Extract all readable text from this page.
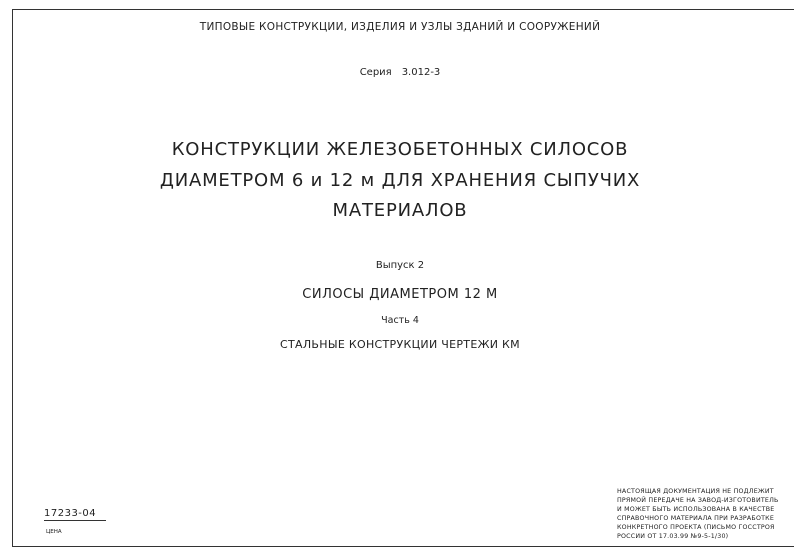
ТИПОВЫЕ КОНСТРУКЦИИ, ИЗДЕЛИЯ И УЗЛЫ ЗДАНИЙ И СООРУЖЕНИЙ
Серия 3.012-3
КОНСТРУКЦИИ ЖЕЛЕЗОБЕТОННЫХ СИЛОСОВ
ДИАМЕТРОМ 6 и 12 м ДЛЯ ХРАНЕНИЯ СЫПУЧИХ
МАТЕРИАЛОВ
Выпуск 2
СИЛОСЫ ДИАМЕТРОМ 12 М
Часть 4
СТАЛЬНЫЕ КОНСТРУКЦИИ ЧЕРТЕЖИ КМ
17233-04
ЦЕНА
НАСТОЯЩАЯ ДОКУМЕНТАЦИЯ НЕ ПОДЛЕЖИТ
ПРЯМОЙ ПЕРЕДАЧЕ НА ЗАВОД-ИЗГОТОВИТЕЛЬ
И МОЖЕТ БЫТЬ ИСПОЛЬЗОВАНА В КАЧЕСТВЕ
СПРАВОЧНОГО МАТЕРИАЛА ПРИ РАЗРАБОТКЕ
КОНКРЕТНОГО ПРОЕКТА (ПИСЬМО ГОССТРОЯ
РОССИИ ОТ 17.03.99 №9-5-1/30)
